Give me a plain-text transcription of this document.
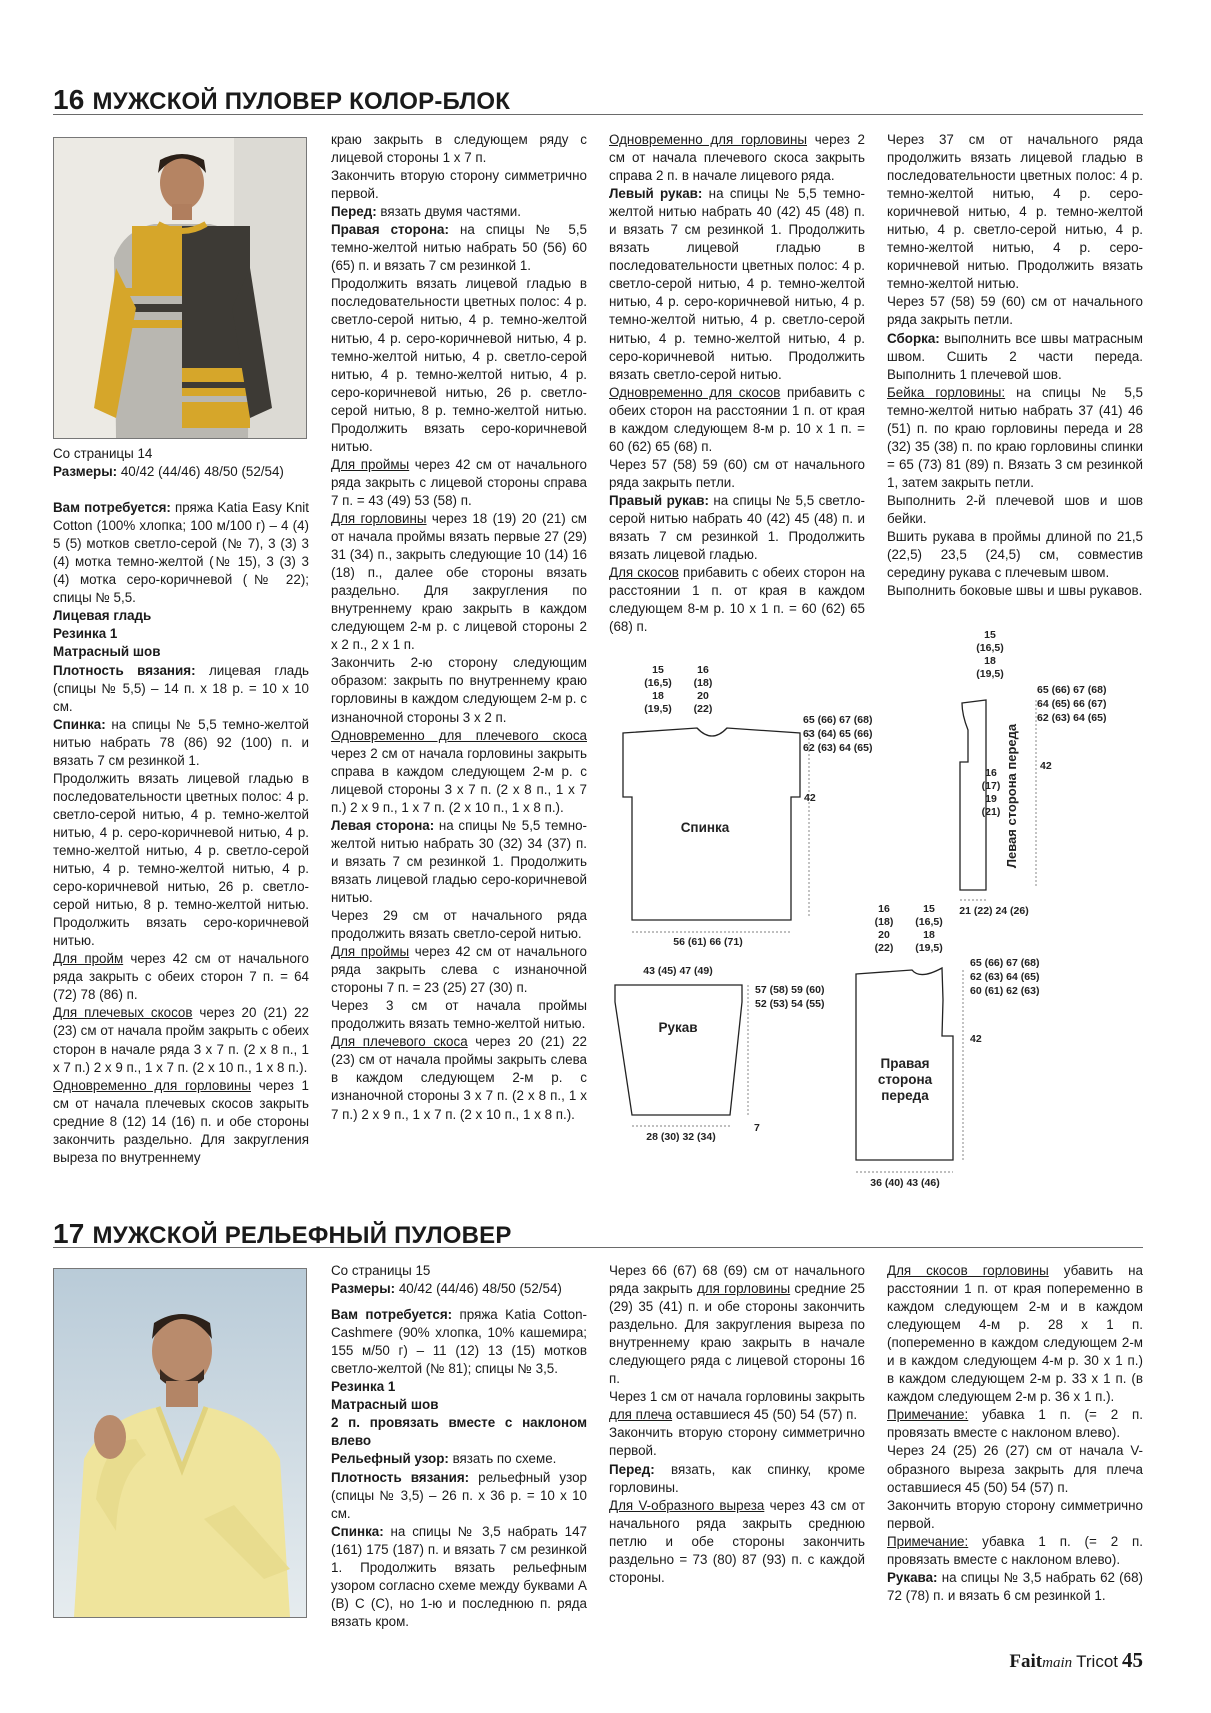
16 МУЖСКОЙ ПУЛОВЕР КОЛОР-БЛОК

Со страницы 14

Размеры: 40/42 (44/46) 48/50 (52/54)

Вам потребуется: пряжа Katia Easy Knit Cotton (100% хлопка; 100 м/100 г) – 4 (4) 5 (5) мотков светло-серой (№ 7), 3 (3) 3 (4) мотка темно-желтой (№ 15), 3 (3) 3 (4) мотка серо-коричневой (№ 22); спицы № 5,5.

Лицевая гладь

Резинка 1

Матрасный шов

Плотность вязания: лицевая гладь (спицы № 5,5) – 14 п. х 18 р. = 10 х 10 см.

Спинка: на спицы № 5,5 темно-желтой нитью набрать 78 (86) 92 (100) п. и вязать 7 см резинкой 1.

Продолжить вязать лицевой гладью в последовательности цветных полос: 4 р. светло-серой нитью, 4 р. темно-желтой нитью, 4 р. серо-коричневой нитью, 4 р. темно-желтой нитью, 4 р. светло-серой нитью, 4 р. темно-желтой нитью, 4 р. серо-коричневой нитью, 26 р. светло-серой нитью, 8 р. темно-желтой нитью. Продолжить вязать серо-коричневой нитью.

Для пройм через 42 см от начального ряда закрыть с обеих сторон 7 п. = 64 (72) 78 (86) п.

Для плечевых скосов через 20 (21) 22 (23) см от начала пройм закрыть с обеих сторон в начале ряда 3 х 7 п. (2 х 8 п., 1 х 7 п.) 2 х 9 п., 1 х 7 п. (2 х 10 п., 1 х 8 п.).

Одновременно для горловины через 1 см от начала плечевых скосов закрыть средние 8 (12) 14 (16) п. и обе стороны закончить раздельно. Для закругления выреза по внутреннему

краю закрыть в следующем ряду с лицевой стороны 1 х 7 п.

Закончить вторую сторону симметрично первой.

Перед: вязать двумя частями.

Правая сторона: на спицы № 5,5 темно-желтой нитью набрать 50 (56) 60 (65) п. и вязать 7 см резинкой 1.

Продолжить вязать лицевой гладью в последовательности цветных полос: 4 р. светло-серой нитью, 4 р. темно-желтой нитью, 4 р. серо-коричневой нитью, 4 р. темно-желтой нитью, 4 р. светло-серой нитью, 4 р. темно-желтой нитью, 4 р. серо-коричневой нитью, 26 р. светло-серой нитью, 8 р. темно-желтой нитью. Продолжить вязать серо-коричневой нитью.

Для проймы через 42 см от начального ряда закрыть с лицевой стороны справа 7 п. = 43 (49) 53 (58) п.

Для горловины через 18 (19) 20 (21) см от начала проймы вязать первые 27 (29) 31 (34) п., закрыть следующие 10 (14) 16 (18) п., далее обе стороны вязать раздельно. Для закругления по внутреннему краю закрыть в каждом следующем 2-м р. с лицевой стороны 2 х 2 п., 2 х 1 п.

Закончить 2-ю сторону следующим образом: закрыть по внутреннему краю горловины в каждом следующем 2-м р. с изнаночной стороны 3 х 2 п.

Одновременно для плечевого скоса через 2 см от начала горловины закрыть справа в каждом следующем 2-м р. с лицевой стороны 3 х 7 п. (2 х 8 п., 1 х 7 п.) 2 х 9 п., 1 х 7 п. (2 х 10 п., 1 х 8 п.).

Левая сторона: на спицы № 5,5 темно-желтой нитью набрать 30 (32) 34 (37) п. и вязать 7 см резинкой 1. Продолжить вязать лицевой гладью серо-коричневой нитью.

Через 29 см от начального ряда продолжить вязать светло-серой нитью.

Для проймы через 42 см от начального ряда закрыть слева с изнаночной стороны 7 п. = 23 (25) 27 (30) п.

Через 3 см от начала проймы продолжить вязать темно-желтой нитью.

Для плечевого скоса через 20 (21) 22 (23) см от начала проймы закрыть слева в каждом следующем 2-м р. с изнаночной стороны 3 х 7 п. (2 х 8 п., 1 х 7 п.) 2 х 9 п., 1 х 7 п. (2 х 10 п., 1 х 8 п.).

Одновременно для горловины через 2 см от начала плечевого скоса закрыть справа 2 п. в начале лицевого ряда.

Левый рукав: на спицы № 5,5 темно-желтой нитью набрать 40 (42) 45 (48) п. и вязать 7 см резинкой 1. Продолжить вязать лицевой гладью в последовательности цветных полос: 4 р. светло-серой нитью, 4 р. темно-желтой нитью, 4 р. серо-коричневой нитью, 4 р. темно-желтой нитью, 4 р. светло-серой нитью, 4 р. темно-желтой нитью, 4 р. серо-коричневой нитью. Продолжить вязать светло-серой нитью.

Одновременно для скосов прибавить с обеих сторон на расстоянии 1 п. от края в каждом следующем 8-м р. 10 х 1 п. = 60 (62) 65 (68) п.

Через 57 (58) 59 (60) см от начального ряда закрыть петли.

Правый рукав: на спицы № 5,5 светло-серой нитью набрать 40 (42) 45 (48) п. и вязать 7 см резинкой 1. Продолжить вязать лицевой гладью.

Для скосов прибавить с обеих сторон на расстоянии 1 п. от края в каждом следующем 8-м р. 10 х 1 п. = 60 (62) 65 (68) п.

Через 37 см от начального ряда продолжить вязать лицевой гладью в последовательности цветных полос: 4 р. темно-желтой нитью, 4 р. серо-коричневой нитью, 4 р. темно-желтой нитью, 4 р. светло-серой нитью, 4 р. темно-желтой нитью, 4 р. серо-коричневой нитью. Продолжить вязать темно-желтой нитью.

Через 57 (58) 59 (60) см от начального ряда закрыть петли.

Сборка: выполнить все швы матрасным швом. Сшить 2 части переда. Выполнить 1 плечевой шов.

Бейка горловины: на спицы № 5,5 темно-желтой нитью набрать 37 (41) 46 (51) п. по краю горловины переда и 28 (32) 35 (38) п. по краю горловины спинки = 65 (73) 81 (89) п. Вязать 3 см резинкой 1, затем закрыть петли.

Выполнить 2-й плечевой шов и шов бейки.

Вшить рукава в проймы длиной по 21,5 (22,5) 23,5 (24,5) см, совместив середину рукава с плечевым швом.

Выполнить боковые швы и швы рукавов.

15
(16,5)
18
(19,5)
16
(18)
20
(22)
Спинка
56 (61) 66 (71)
65 (66) 67 (68)
63 (64) 65 (66)
62 (63) 64 (65)
42
15
(16,5)
18
(19,5)
16
(17)
19
(21)
21 (22) 24 (26)
Левая сторона переда
65 (66) 67 (68)
64 (65) 66 (67)
62 (63) 64 (65)
42
43 (45) 47 (49)
57 (58) 59 (60)
52 (53) 54 (55)
Рукав
7
28 (30) 32 (34)
16
(18)
20
(22)
15
(16,5)
18
(19,5)
Правая
сторона
переда
36 (40) 43 (46)
65 (66) 67 (68)
62 (63) 64 (65)
60 (61) 62 (63)
42
17 МУЖСКОЙ РЕЛЬЕФНЫЙ ПУЛОВЕР

Со страницы 15

Размеры: 40/42 (44/46) 48/50 (52/54)

Вам потребуется: пряжа Katia Cotton-Cashmere (90% хлопка, 10% кашемира; 155 м/50 г) – 11 (12) 13 (15) мотков светло-желтой (№ 81); спицы № 3,5.

Резинка 1

Матрасный шов

2 п. провязать вместе с наклоном влево

Рельефный узор: вязать по схеме.

Плотность вязания: рельефный узор (спицы № 3,5) – 26 п. х 36 р. = 10 х 10 см.

Спинка: на спицы № 3,5 набрать 147 (161) 175 (187) п. и вязать 7 см резинкой 1. Продолжить вязать рельефным узором согласно схеме между буквами А (В) С (С), но 1-ю и последнюю п. ряда вязать кром.

Через 66 (67) 68 (69) см от начального ряда закрыть для горловины средние 25 (29) 35 (41) п. и обе стороны закончить раздельно. Для закругления выреза по внутреннему краю закрыть в начале следующего ряда с лицевой стороны 16 п.

Через 1 см от начала горловины закрыть для плеча оставшиеся 45 (50) 54 (57) п.

Закончить вторую сторону симметрично первой.

Перед: вязать, как спинку, кроме горловины.

Для V-образного выреза через 43 см от начального ряда закрыть среднюю петлю и обе стороны закончить раздельно = 73 (80) 87 (93) п. с каждой стороны.

Для скосов горловины убавить на расстоянии 1 п. от края попеременно в каждом следующем 2-м и в каждом следующем 4-м р. 28 х 1 п. (попеременно в каждом следующем 2-м и в каждом следующем 4-м р. 30 х 1 п.) в каждом следующем 2-м р. 33 х 1 п. (в каждом следующем 2-м р. 36 х 1 п.).

Примечание: убавка 1 п. (= 2 п. провязать вместе с наклоном влево).

Через 24 (25) 26 (27) см от начала V-образного выреза закрыть для плеча оставшиеся 45 (50) 54 (57) п.

Закончить вторую сторону симметрично первой.

Примечание: убавка 1 п. (= 2 п. провязать вместе с наклоном влево).

Рукава: на спицы № 3,5 набрать 62 (68) 72 (78) п. и вязать 6 см резинкой 1.

Faitmain Tricot 45
